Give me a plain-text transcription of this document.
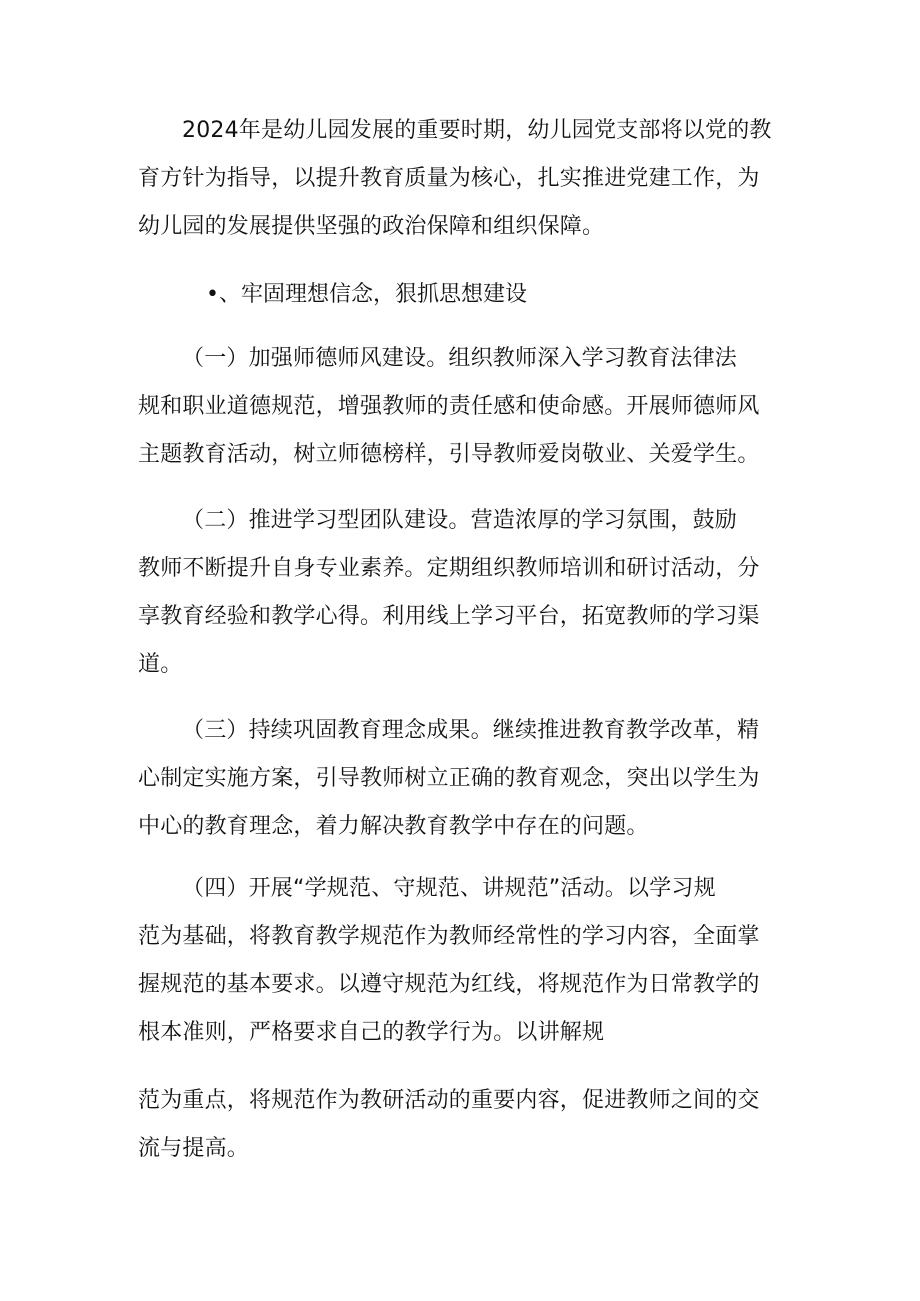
2024年是幼儿园发展的重要时期，幼儿园党支部将以党的教
育方针为指导，以提升教育质量为核心，扎实推进党建工作，为
幼儿园的发展提供坚强的政治保障和组织保障。
•、牢固理想信念，狠抓思想建设
（一）加强师德师风建设。组织教师深入学习教育法律法
规和职业道德规范，增强教师的责任感和使命感。开展师德师风
主题教育活动，树立师德榜样，引导教师爱岗敬业、关爱学生。
（二）推进学习型团队建设。营造浓厚的学习氛围，鼓励
教师不断提升自身专业素养。定期组织教师培训和研讨活动，分
享教育经验和教学心得。利用线上学习平台，拓宽教师的学习渠
道。
（三）持续巩固教育理念成果。继续推进教育教学改革，精
心制定实施方案，引导教师树立正确的教育观念，突出以学生为
中心的教育理念，着力解决教育教学中存在的问题。
（四）开展“学规范、守规范、讲规范”活动。以学习规
范为基础，将教育教学规范作为教师经常性的学习内容，全面掌
握规范的基本要求。以遵守规范为红线，将规范作为日常教学的
根本准则，严格要求自己的教学行为。以讲解规
范为重点，将规范作为教研活动的重要内容，促进教师之间的交
流与提高。
